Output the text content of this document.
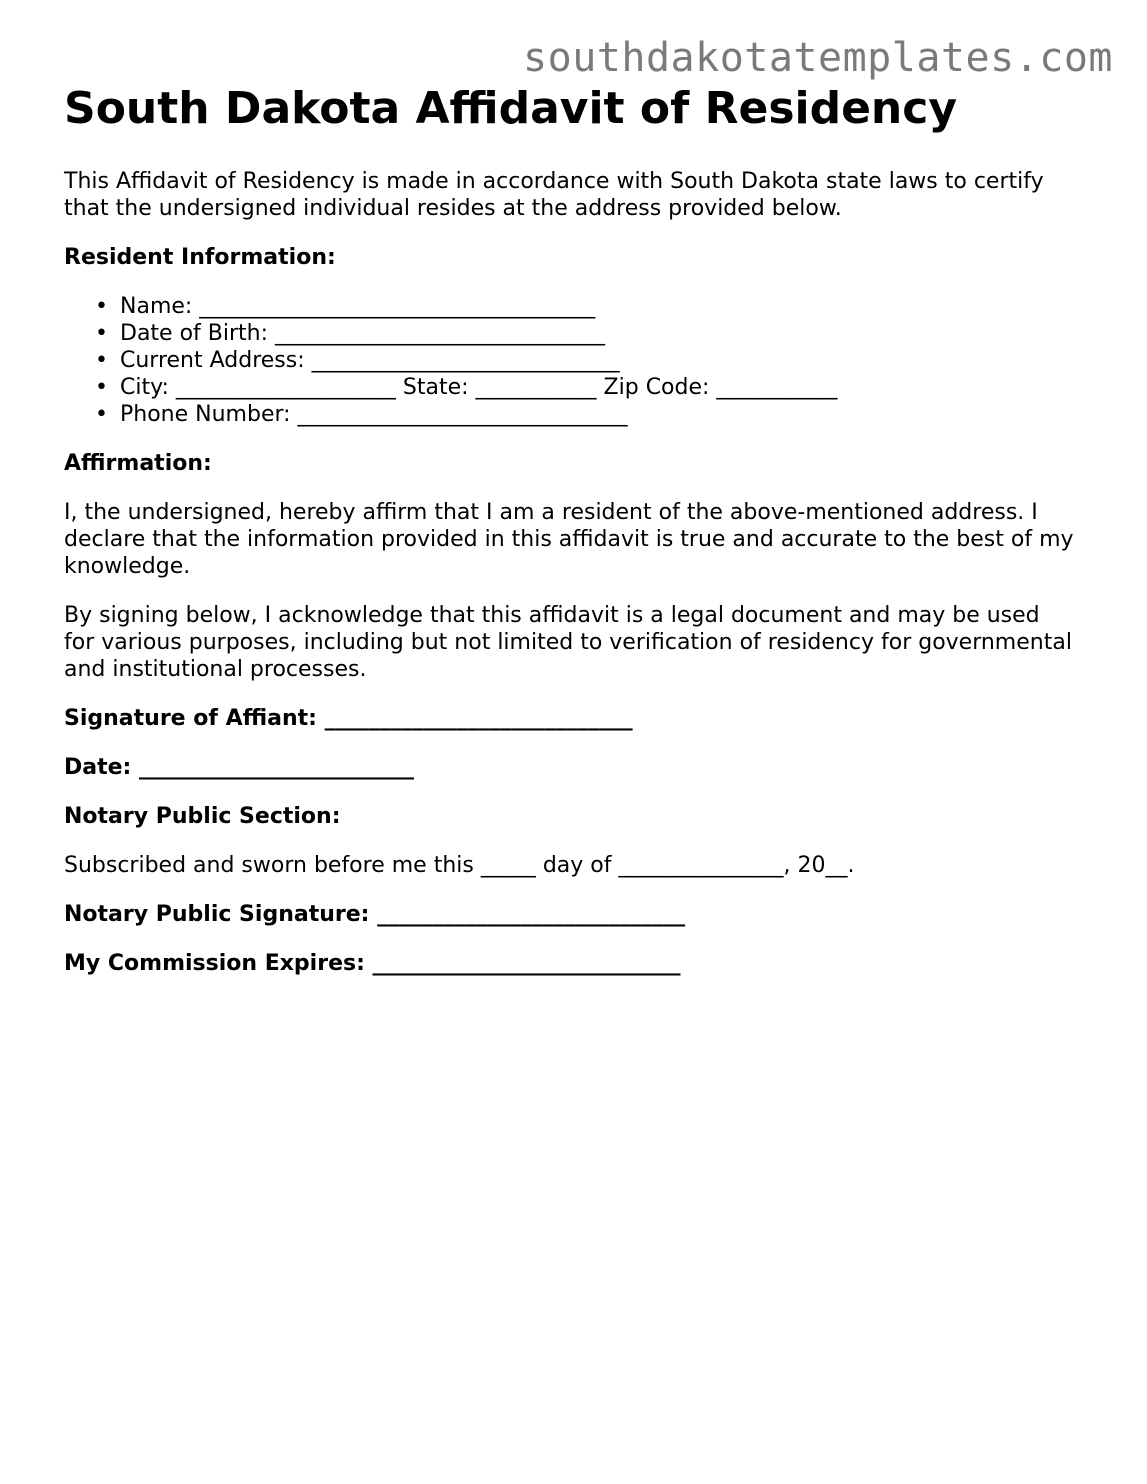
southdakotatemplates.com
South Dakota Affidavit of Residency

This Affidavit of Residency is made in accordance with South Dakota state laws to certify that the undersigned individual resides at the address provided below.

Resident Information:

• Name: ____________________________________
• Date of Birth: ______________________________
• Current Address: ____________________________
• City: ____________________ State: ___________ Zip Code: ___________
• Phone Number: ______________________________

Affirmation:

I, the undersigned, hereby affirm that I am a resident of the above-mentioned address. I declare that the information provided in this affidavit is true and accurate to the best of my knowledge.

By signing below, I acknowledge that this affidavit is a legal document and may be used for various purposes, including but not limited to verification of residency for governmental and institutional processes.

Signature of Affiant: ____________________________

Date: _________________________

Notary Public Section:

Subscribed and sworn before me this _____ day of _______________, 20__.

Notary Public Signature: ____________________________

My Commission Expires: ____________________________
